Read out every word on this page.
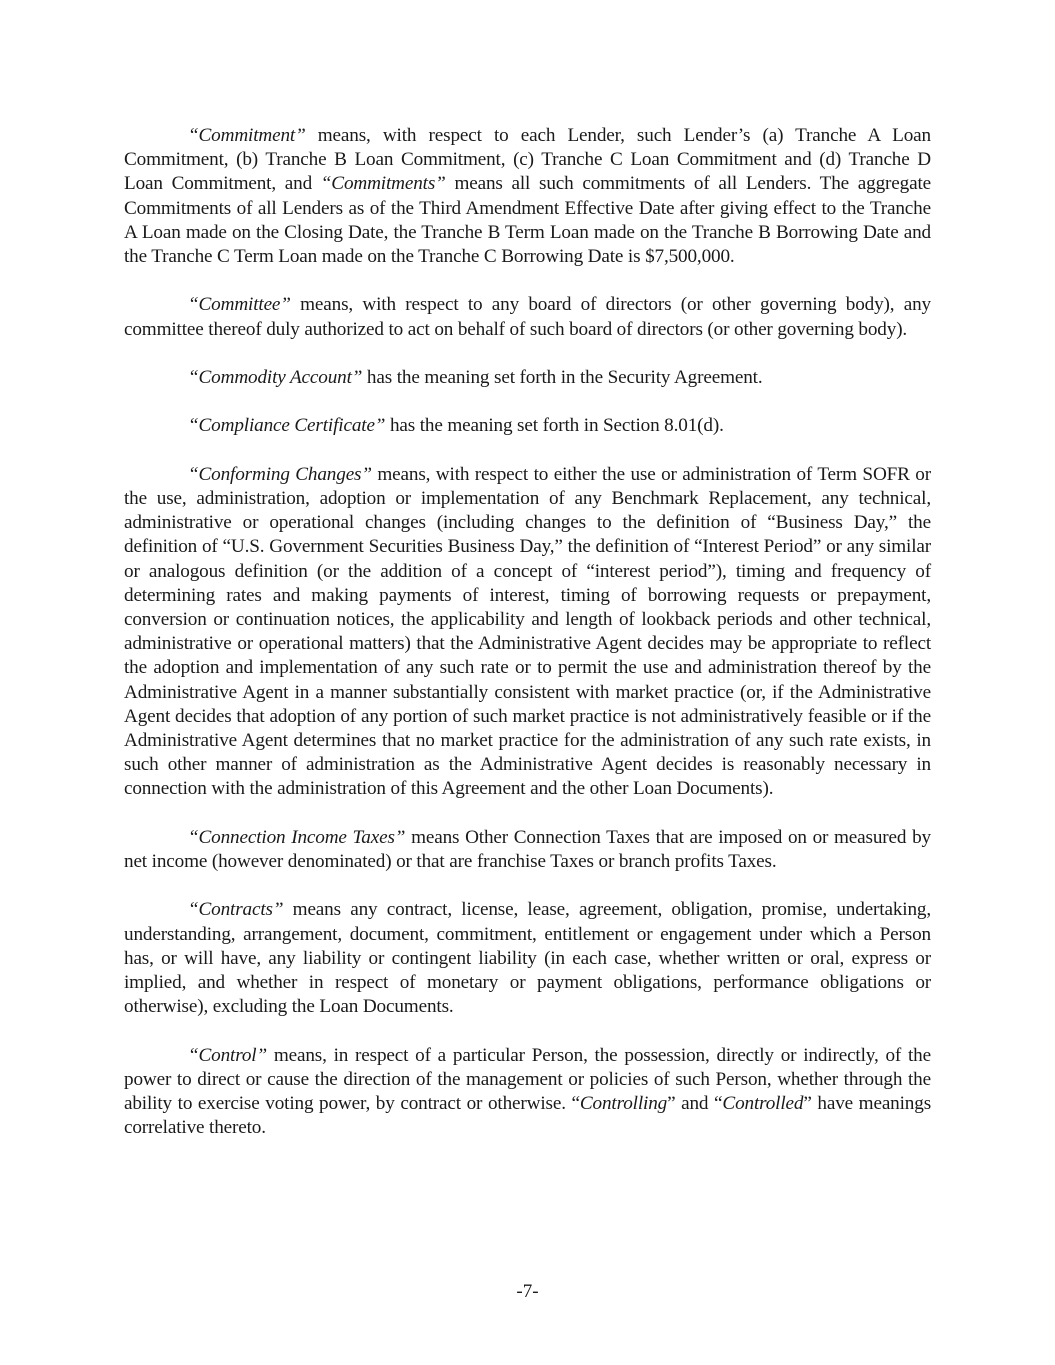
“Commitment” means, with respect to each Lender, such Lender’s (a) Tranche A Loan Commitment, (b) Tranche B Loan Commitment, (c) Tranche C Loan Commitment and (d) Tranche D Loan Commitment, and “Commitments” means all such commitments of all Lenders. The aggregate Commitments of all Lenders as of the Third Amendment Effective Date after giving effect to the Tranche A Loan made on the Closing Date, the Tranche B Term Loan made on the Tranche B Borrowing Date and the Tranche C Term Loan made on the Tranche C Borrowing Date is $7,500,000.

“Committee” means, with respect to any board of directors (or other governing body), any committee thereof duly authorized to act on behalf of such board of directors (or other governing body).

“Commodity Account” has the meaning set forth in the Security Agreement.

“Compliance Certificate” has the meaning set forth in Section 8.01(d).

“Conforming Changes” means, with respect to either the use or administration of Term SOFR or the use, administration, adoption or implementation of any Benchmark Replacement, any technical, administrative or operational changes (including changes to the definition of “Business Day,” the definition of “U.S. Government Securities Business Day,” the definition of “Interest Period” or any similar or analogous definition (or the addition of a concept of “interest period”), timing and frequency of determining rates and making payments of interest, timing of borrowing requests or prepayment, conversion or continuation notices, the applicability and length of lookback periods and other technical, administrative or operational matters) that the Administrative Agent decides may be appropriate to reflect the adoption and implementation of any such rate or to permit the use and administration thereof by the Administrative Agent in a manner substantially consistent with market practice (or, if the Administrative Agent decides that adoption of any portion of such market practice is not administratively feasible or if the Administrative Agent determines that no market practice for the administration of any such rate exists, in such other manner of administration as the Administrative Agent decides is reasonably necessary in connection with the administration of this Agreement and the other Loan Documents).

“Connection Income Taxes” means Other Connection Taxes that are imposed on or measured by net income (however denominated) or that are franchise Taxes or branch profits Taxes.

“Contracts” means any contract, license, lease, agreement, obligation, promise, undertaking, understanding, arrangement, document, commitment, entitlement or engagement under which a Person has, or will have, any liability or contingent liability (in each case, whether written or oral, express or implied, and whether in respect of monetary or payment obligations, performance obligations or otherwise), excluding the Loan Documents.

“Control” means, in respect of a particular Person, the possession, directly or indirectly, of the power to direct or cause the direction of the management or policies of such Person, whether through the ability to exercise voting power, by contract or otherwise. “Controlling” and “Controlled” have meanings correlative thereto.

-7-
